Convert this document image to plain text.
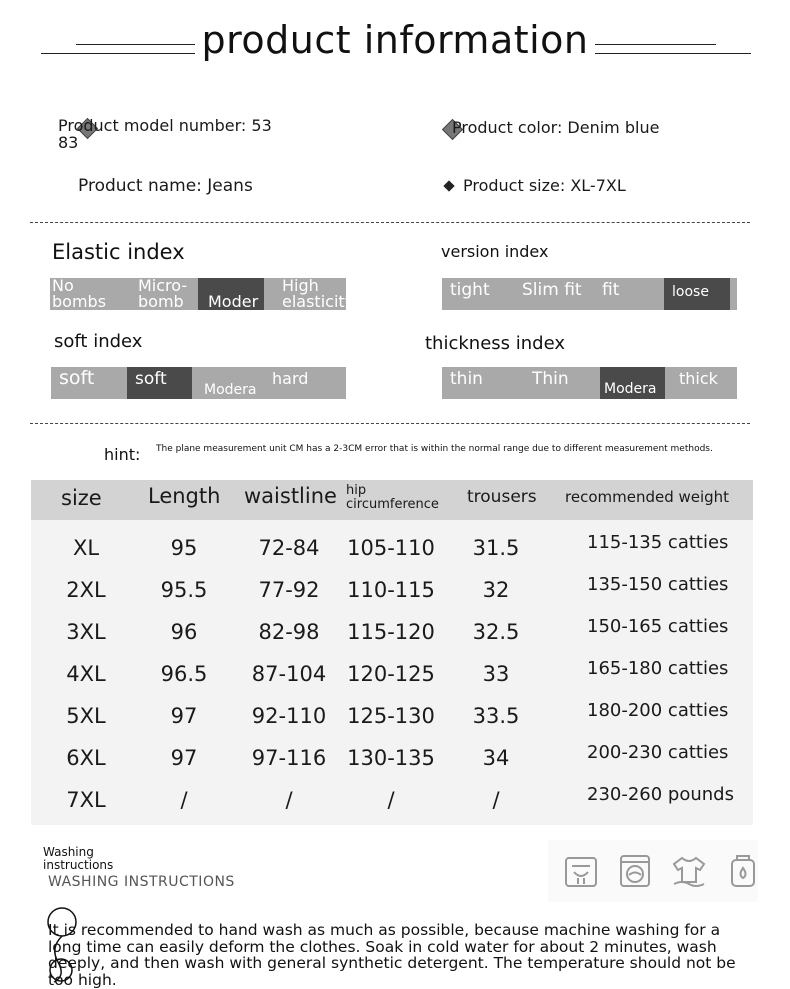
product information
Product model number: 53
83
Product color: Denim blue
Product name: Jeans	Product size: XL-7XL
Elastic index
No
bombs
Micro-
bomb Moder
High
elasticity
version index
tight Slim fit fit	loose
soft index
soft soft
Modera
hard
thickness index
thin	Thin	Modera
thick
hint: The plane measurement unit CM has a 2-3CM error that is within the normal range due to different measurement methods.
size Length waistline hip
circumference trousers recommended weight
XL	95	72-84	105-110	31.5	115-135 catties
2XL	95.5	77-92	110-115	32	135-150 catties
3XL	96	82-98	115-120	32.5	150-165 catties
4XL	96.5	87-104 120-125	33	165-180 catties
5XL	97	92-110 125-130	33.5	180-200 catties
6XL	97	97-116 130-135	34	200-230 catties
7XL	/	/	/	/	230-260 pounds
Washing
instructions
WASHING INSTRUCTIONS
It is recommended to hand wash as much as possible, because machine washing for a long time can easily deform the clothes. Soak in cold water for about 2 minutes, wash deeply, and then wash with general synthetic detergent. The temperature should not be too high.
